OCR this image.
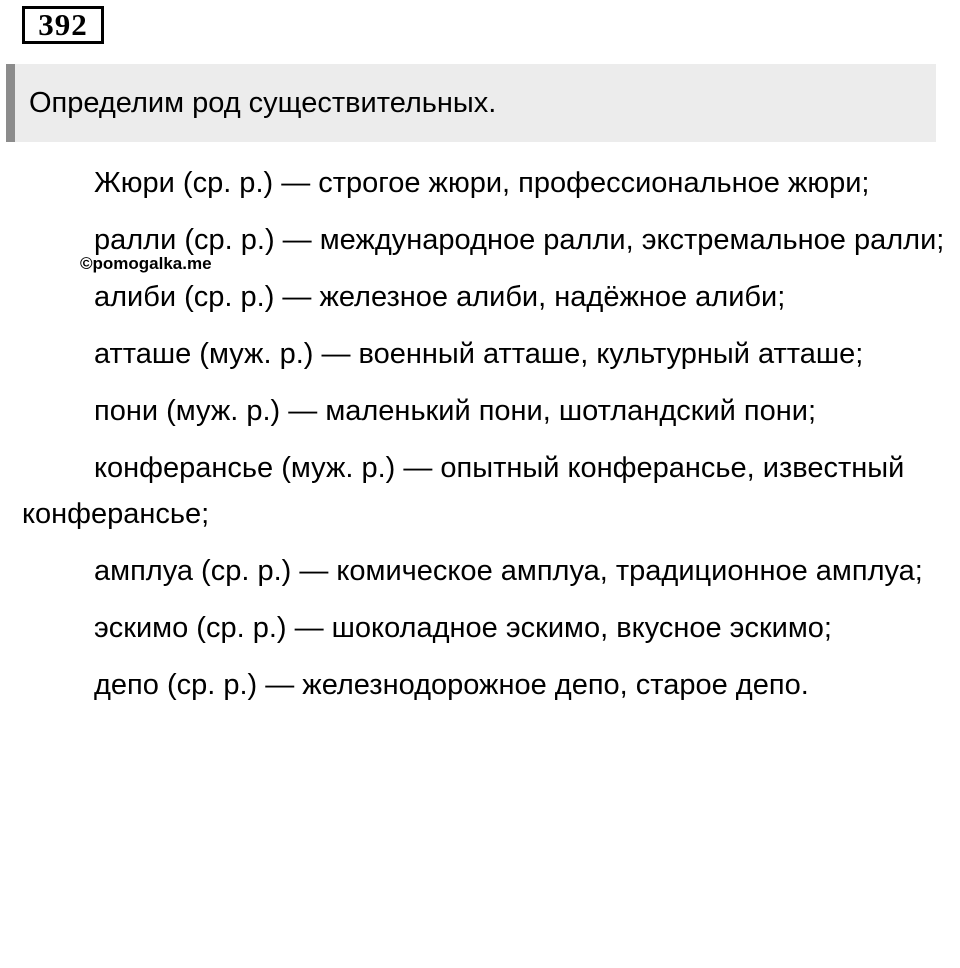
392
Определим род существительных.
Жюри (ср. р.) — строгое жюри, профессиональное жюри;
ралли (ср. р.) — международное ралли, экстремальное ралли;
алиби (ср. р.) — железное алиби, надёжное алиби;
атташе (муж. р.) — военный атташе, культурный атташе;
пони (муж. р.) — маленький пони, шотландский пони;
конферансье (муж. р.) — опытный конферансье, известный конферансье;
амплуа (ср. р.) — комическое амплуа, традиционное амплуа;
эскимо (ср. р.) — шоколадное эскимо, вкусное эскимо;
депо (ср. р.) — железнодорожное депо, старое депо.
©pomogalka.me
